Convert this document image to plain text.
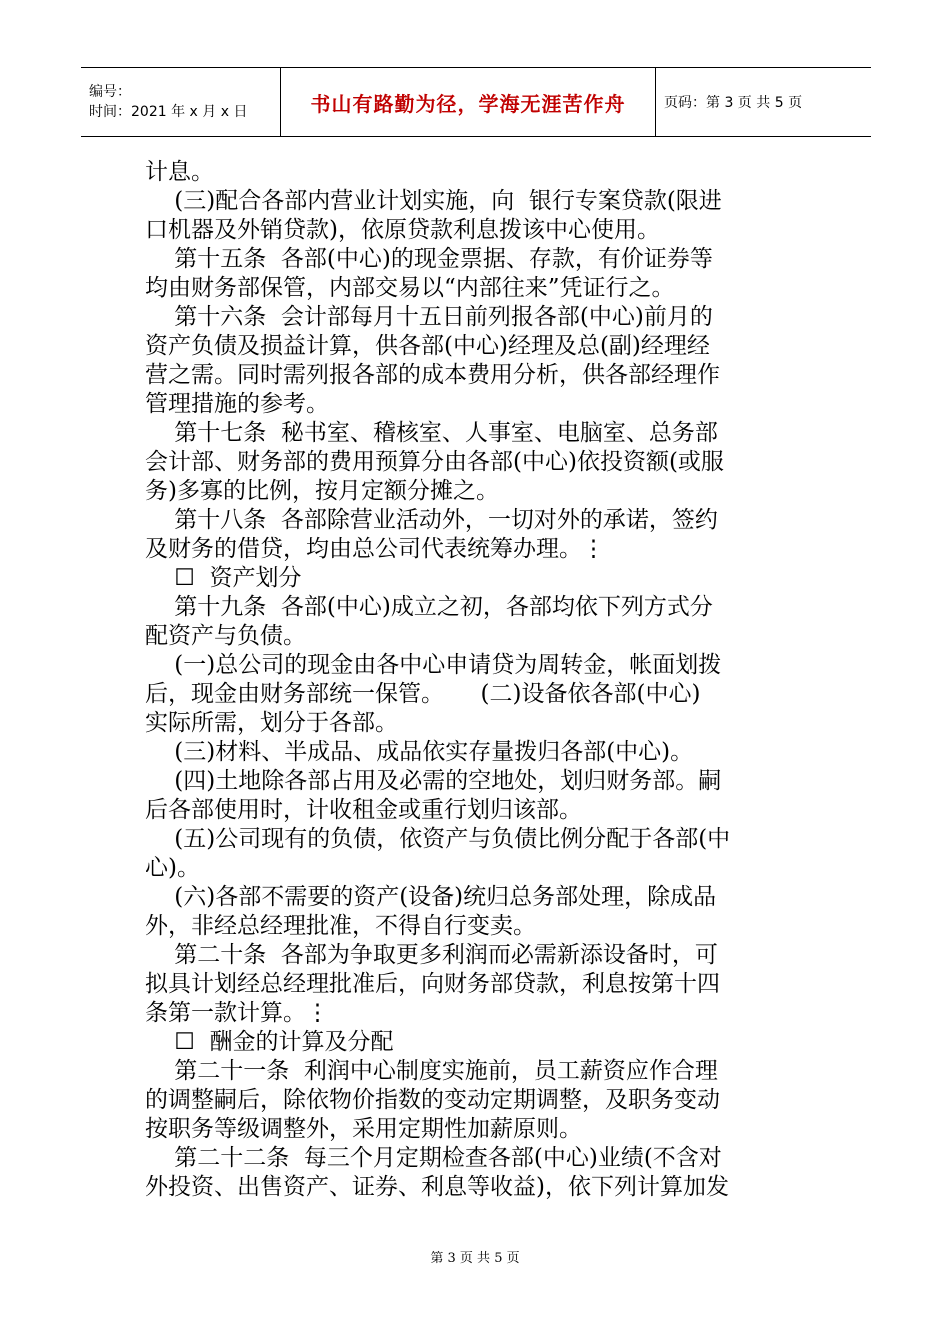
编号：
时间：2021 年 x 月 x 日	书山有路勤为径，学海无涯苦作舟	页码：第 3 页 共 5 页
计息。
(三)配合各部内营业计划实施，向  银行专案贷款(限进
口机器及外销贷款)，依原贷款利息拨该中心使用。
第十五条  各部(中心)的现金票据、存款，有价证券等
均由财务部保管，内部交易以“内部往来”凭证行之。
第十六条  会计部每月十五日前列报各部(中心)前月的
资产负债及损益计算，供各部(中心)经理及总(副)经理经
营之需。同时需列报各部的成本费用分析，供各部经理作
管理措施的参考。
第十七条  秘书室、稽核室、人事室、电脑室、总务部
会计部、财务部的费用预算分由各部(中心)依投资额(或服
务)多寡的比例，按月定额分摊之。
第十八条  各部除营业活动外，一切对外的承诺，签约
及财务的借贷，均由总公司代表统筹办理。⋮
☐  资产划分
第十九条  各部(中心)成立之初，各部均依下列方式分
配资产与负债。
(一)总公司的现金由各中心申请贷为周转金，帐面划拨
后，现金由财务部统一保管。     (二)设备依各部(中心)
实际所需，划分于各部。
(三)材料、半成品、成品依实存量拨归各部(中心)。
(四)土地除各部占用及必需的空地处，划归财务部。嗣
后各部使用时，计收租金或重行划归该部。
(五)公司现有的负债，依资产与负债比例分配于各部(中
心)。
(六)各部不需要的资产(设备)统归总务部处理，除成品
外，非经总经理批准，不得自行变卖。
第二十条  各部为争取更多利润而必需新添设备时，可
拟具计划经总经理批准后，向财务部贷款，利息按第十四
条第一款计算。⋮
☐  酬金的计算及分配
第二十一条  利润中心制度实施前，员工薪资应作合理
的调整嗣后，除依物价指数的变动定期调整，及职务变动
按职务等级调整外，采用定期性加薪原则。
第二十二条  每三个月定期检查各部(中心)业绩(不含对
外投资、出售资产、证券、利息等收益)，依下列计算加发
第 3 页 共 5 页
